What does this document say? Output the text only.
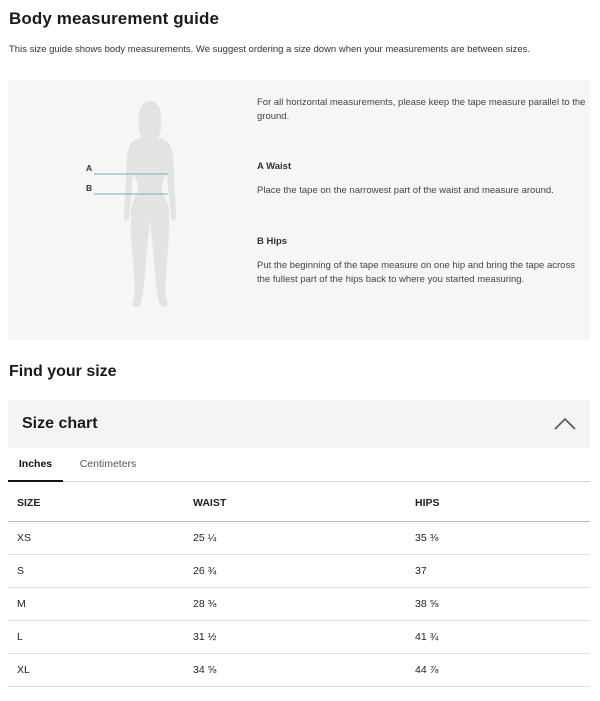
Body measurement guide
This size guide shows body measurements. We suggest ordering a size down when your measurements are between sizes.
A
B
For all horizontal measurements, please keep the tape measure parallel to the ground.
A Waist
Place the tape on the narrowest part of the waist and measure around.
B Hips
Put the beginning of the tape measure on one hip and bring the tape across the fullest part of the hips back to where you started measuring.
Find your size
Size chart
Inches	Centimeters
SIZE	WAIST	HIPS
XS	25 ¼	35 ⅜
S	26 ¾	37
M	28 ⅜	38 ⅝
L	31 ½	41 ¾
XL	34 ⅝	44 ⅞
